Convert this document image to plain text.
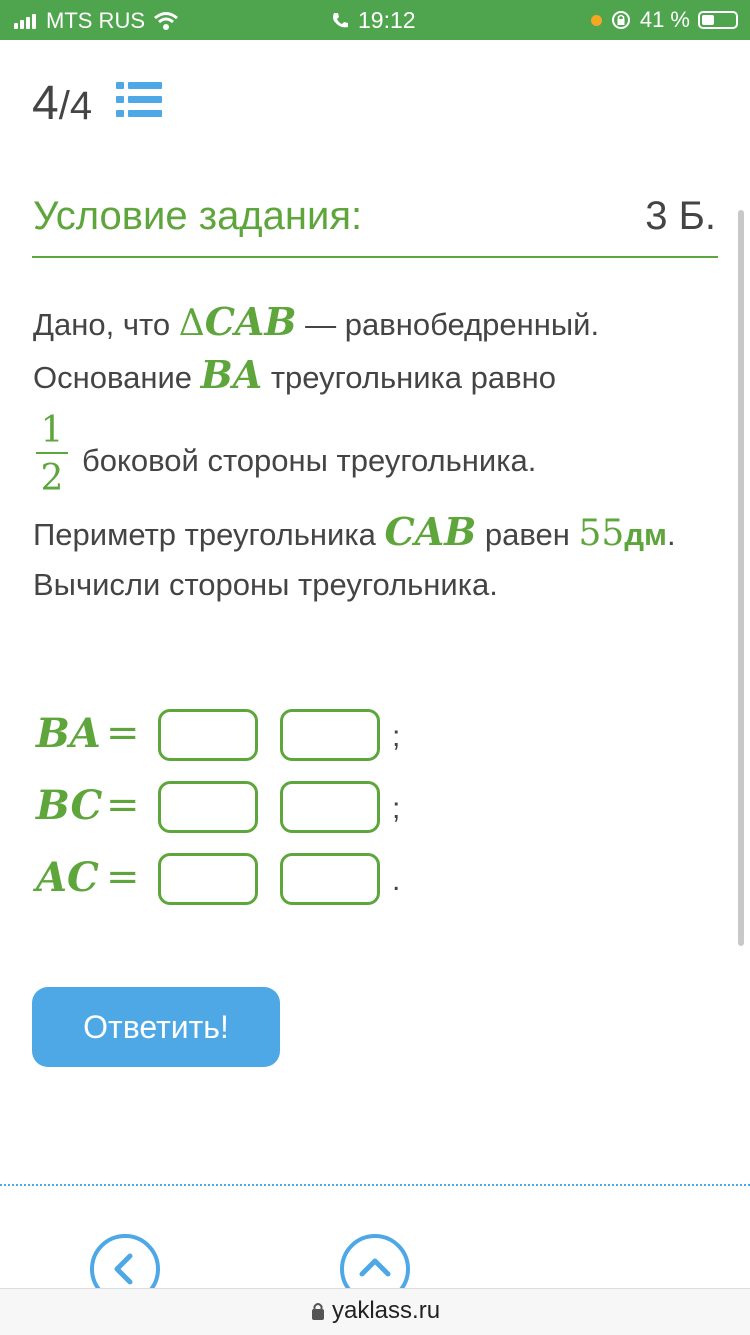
MTS RUS	19:12	41 %
4/4
Условие задания:	3 Б.
Дано, что ΔCAB — равнобедренный.
Основание BA треугольника равно
1
2 боковой стороны треугольника.
Периметр треугольника CAB равен 55дм.
Вычисли стороны треугольника.
BA =	;
BC =	;
AC =	.
Ответить!
yaklass.ru
